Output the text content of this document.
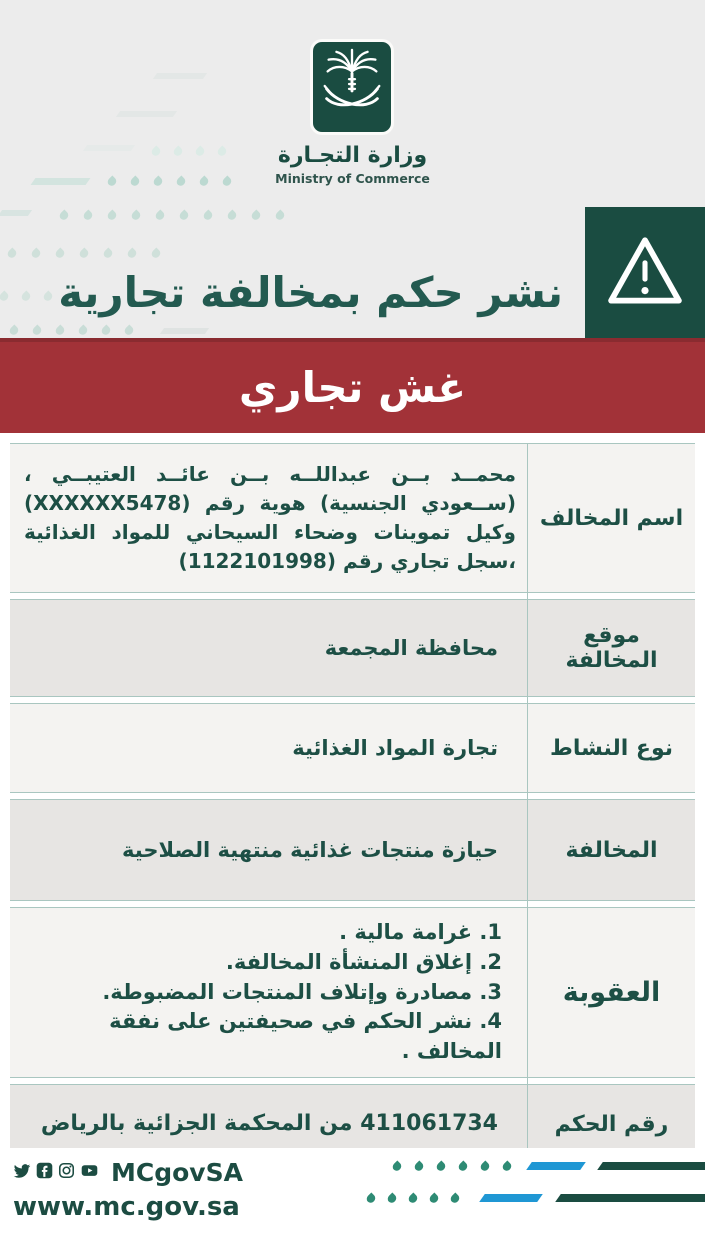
وزارة التجـارة
Ministry of Commerce
نشر حكم بمخالفة تجارية
غش تجاري
اسم المخالف
محمــد بــن عبداللــه بــن عائــد العتيبــي ، (ســعودي الجنسية) هوية رقم (XXXXXX5478) وكيل تموينات وضحاء السيحاني للمواد الغذائية ،سجل تجاري رقم (1122101998)
موقع المخالفة
محافظة المجمعة
نوع النشاط
تجارة المواد الغذائية
المخالفة
حيازة منتجات غذائية منتهية الصلاحية
العقوبة
1. غرامة مالية .
2. إغلاق المنشأة المخالفة.
3. مصادرة وإتلاف المنتجات المضبوطة.
4. نشر الحكم في صحيفتين على نفقة المخالف .
رقم الحكم
411061734 من المحكمة الجزائية بالرياض
MCgovSA
www.mc.gov.sa
